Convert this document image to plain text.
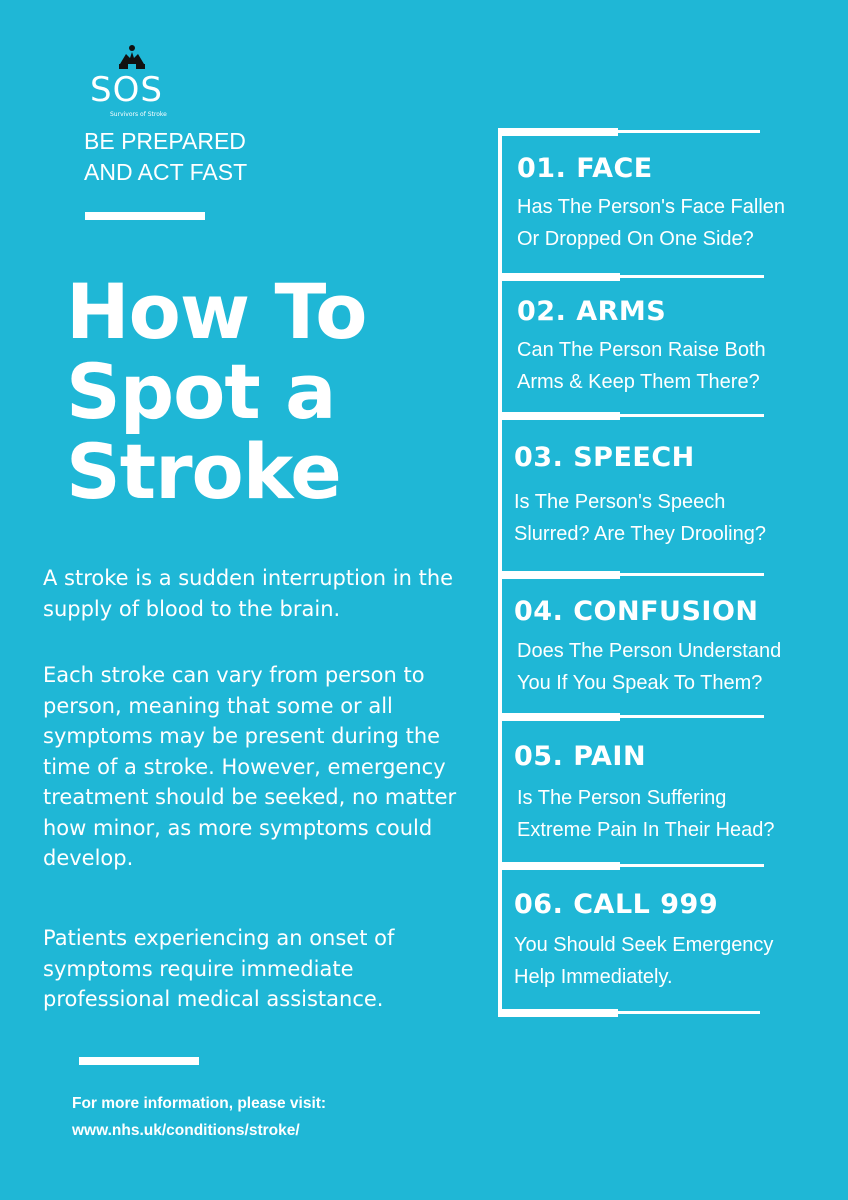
SOS
Survivors of Stroke
BE PREPARED
AND ACT FAST
How To
Spot a
Stroke
A stroke is a sudden interruption in the supply of blood to the brain.
Each stroke can vary from person to person, meaning that some or all symptoms may be present during the time of a stroke. However, emergency treatment should be seeked, no matter how minor, as more symptoms could develop.
Patients experiencing an onset of symptoms require immediate professional medical assistance.
For more information, please visit:
www.nhs.uk/conditions/stroke/
01. FACE
Has The Person's Face Fallen
Or Dropped On One Side?
02. ARMS
Can The Person Raise Both
Arms & Keep Them There?
03. SPEECH
Is The Person's Speech
Slurred? Are They Drooling?
04. CONFUSION
Does The Person Understand
You If You Speak To Them?
05. PAIN
Is The Person Suffering
Extreme Pain In Their Head?
06. CALL 999
You Should Seek Emergency
Help Immediately.
